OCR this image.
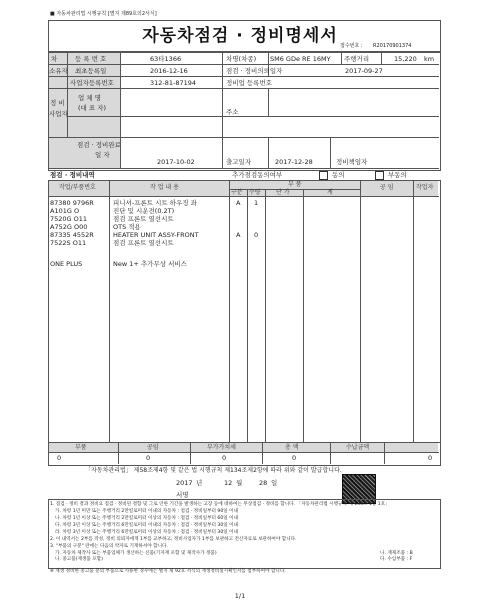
■ 자동차관리법 시행규칙 [별지 제89호의2서식]
자동차점검 · 정비명세서 접수번호 : R20170901374
차	등 록 번 호	63타1366	차명(차종) SM6 GDe RE 16MY 주행거리	15,220 km
소유자 최초등록일	2016-12-16	점검 · 정비의뢰일자	2017-09-27
정 비
사업자
사업자등록번호	312-81-87194	정비업 등록번호
업 체 명
(대 표 자)	주소
점검 · 정비완료
일 자
2017-10-02	출고일자	2017-12-28	정비책임자
점검 · 정비내역	추가점검동의여부	동의	부동의
작업/부품번호	작 업 내 용	부 품
구분 수량	단 가	계
공 임	작업자
87380 9796R	피니셔-프론트 시트 하우징 좌	A 1
A101G O	진단 및 시운전(0.2T)
7520G O11	점검 프론트 열선시트
A752G O00	OTS 적용
87335 4552R	HEATER UNIT ASSY-FRONT	A 0
7522S O11	점검 프론트 열선시트
ONE PLUS	New 1+ 추가무상 서비스
부품	공임	부가가치세	총 액	수납금액
0	0	0	0	0
「자동차관리법」 제58조제4항 및 같은 법 시행규칙 제134조제2항에 따라 위와 같이 발급합니다.
2017 년	12 월	28 일
서명
1. 점검 · 정비 결과 정비요 점검 · 정비된 결함 및 그로 인한 기간을 발생하는 고장 등에 대하여는 무상점검 · 정비를 합니다. 「자동차관리법 시행규칙 제 134조 1항 1호」
가. 차령 1년 미만 또는 주행거리 2만킬로미터 이내의 자동차 : 점검 · 정비일부터 90일 이내
나. 차령 1년 이상 또는 주행거리 2만킬로미터 이상의 자동차 : 점검 · 정비일부터 60일 이내
다. 차령 3년 이상 또는 주행거리 6만킬로미터 이내의 자동차 : 점검 · 정비일부터 30일 이내
라. 차령 3년 이상 또는 주행거리 6만킬로미터 이상의 자동차 : 점검 · 정비일부터 30일 이내
2. 이 내역서는 2부를 작성, 정비 의뢰자에게 1부를 교부하고, 정비사업자가 1부를 보관하고 전산자료로 보관하여야 합니다.
3. "부품의 구분" 란에는 다음의 약자로 기재하셔야 합니다.
가. 자동차 제작사 또는 부품업체가 생산하는 신품(기자재 포함 및 제작사가 정품)	나. 재제조품 : B
나. 중고품(재생품 포함)	다. 수입부품 : F
※ 재생 정비한 중고품 분의 부품으로 사용한 경우에는 별지 제 92호 서식의 재생정비실시확인서를 첨부하여야 합니다.
1/1
